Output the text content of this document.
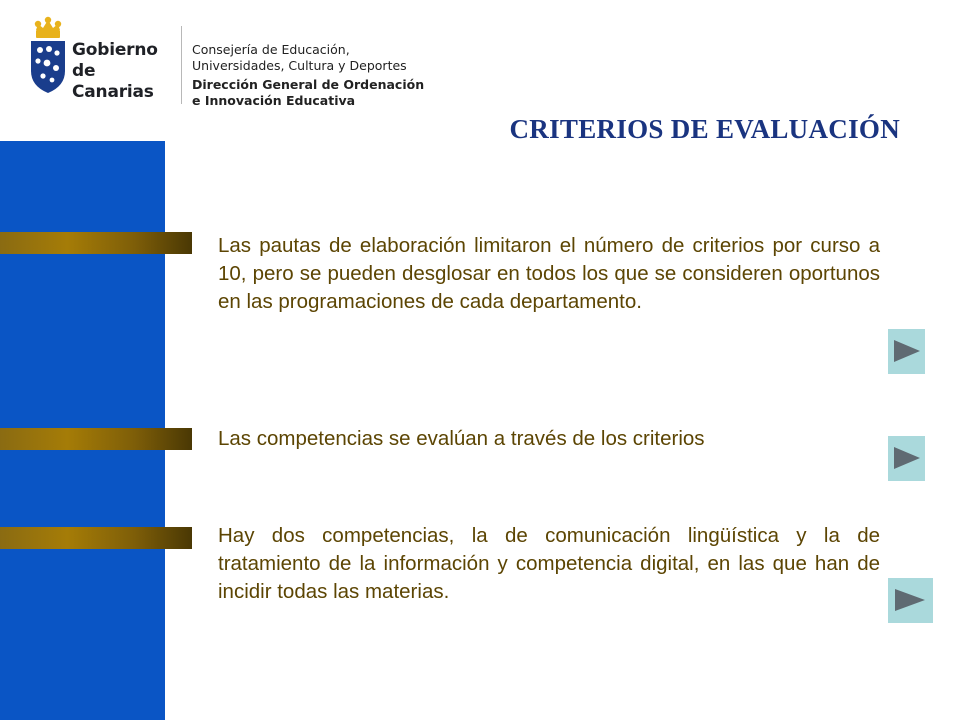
Gobierno
de Canarias
Consejería de Educación,
Universidades, Cultura y Deportes
Dirección General de Ordenación
e Innovación Educativa
CRITERIOS DE EVALUACIÓN

Las pautas de elaboración limitaron el número de criterios por curso a 10, pero se pueden desglosar en todos los que se consideren oportunos en las programaciones de cada departamento.

Las competencias se evalúan a través de los criterios

Hay dos competencias, la de comunicación lingüística y la de tratamiento de la información y competencia digital, en las que han de incidir todas las materias.
